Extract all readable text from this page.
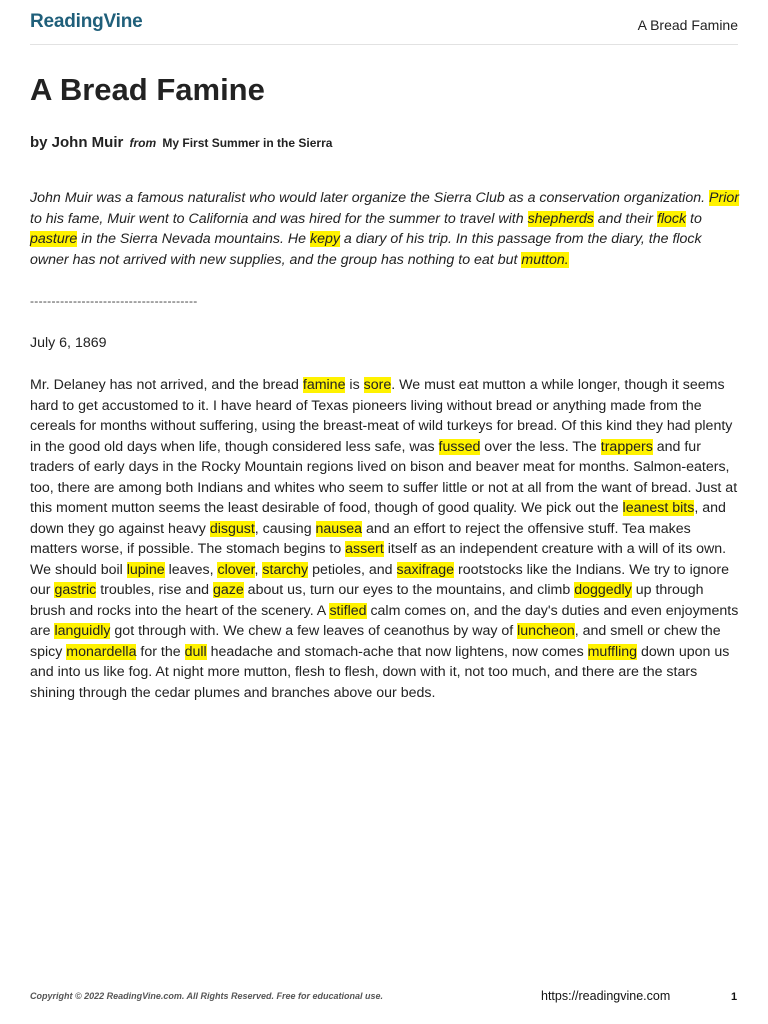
ReadingVine	A Bread Famine
A Bread Famine
by John Muir from My First Summer in the Sierra

John Muir was a famous naturalist who would later organize the Sierra Club as a conservation organization. Prior to his fame, Muir went to California and was hired for the summer to travel with shepherds and their flock to pasture in the Sierra Nevada mountains. He kepy a diary of his trip. In this passage from the diary, the flock owner has not arrived with new supplies, and the group has nothing to eat but mutton.

---------------------------------------
July 6, 1869

Mr. Delaney has not arrived, and the bread famine is sore. We must eat mutton a while longer, though it seems hard to get accustomed to it. I have heard of Texas pioneers living without bread or anything made from the cereals for months without suffering, using the breast-meat of wild turkeys for bread. Of this kind they had plenty in the good old days when life, though considered less safe, was fussed over the less. The trappers and fur traders of early days in the Rocky Mountain regions lived on bison and beaver meat for months. Salmon-eaters, too, there are among both Indians and whites who seem to suffer little or not at all from the want of bread. Just at this moment mutton seems the least desirable of food, though of good quality. We pick out the leanest bits, and down they go against heavy disgust, causing nausea and an effort to reject the offensive stuff. Tea makes matters worse, if possible. The stomach begins to assert itself as an independent creature with a will of its own. We should boil lupine leaves, clover, starchy petioles, and saxifrage rootstocks like the Indians. We try to ignore our gastric troubles, rise and gaze about us, turn our eyes to the mountains, and climb doggedly up through brush and rocks into the heart of the scenery. A stifled calm comes on, and the day's duties and even enjoyments are languidly got through with. We chew a few leaves of ceanothus by way of luncheon, and smell or chew the spicy monardella for the dull headache and stomach-ache that now lightens, now comes muffling down upon us and into us like fog. At night more mutton, flesh to flesh, down with it, not too much, and there are the stars shining through the cedar plumes and branches above our beds.

Copyright © 2022 ReadingVine.com. All Rights Reserved. Free for educational use.	https://readingvine.com	1
